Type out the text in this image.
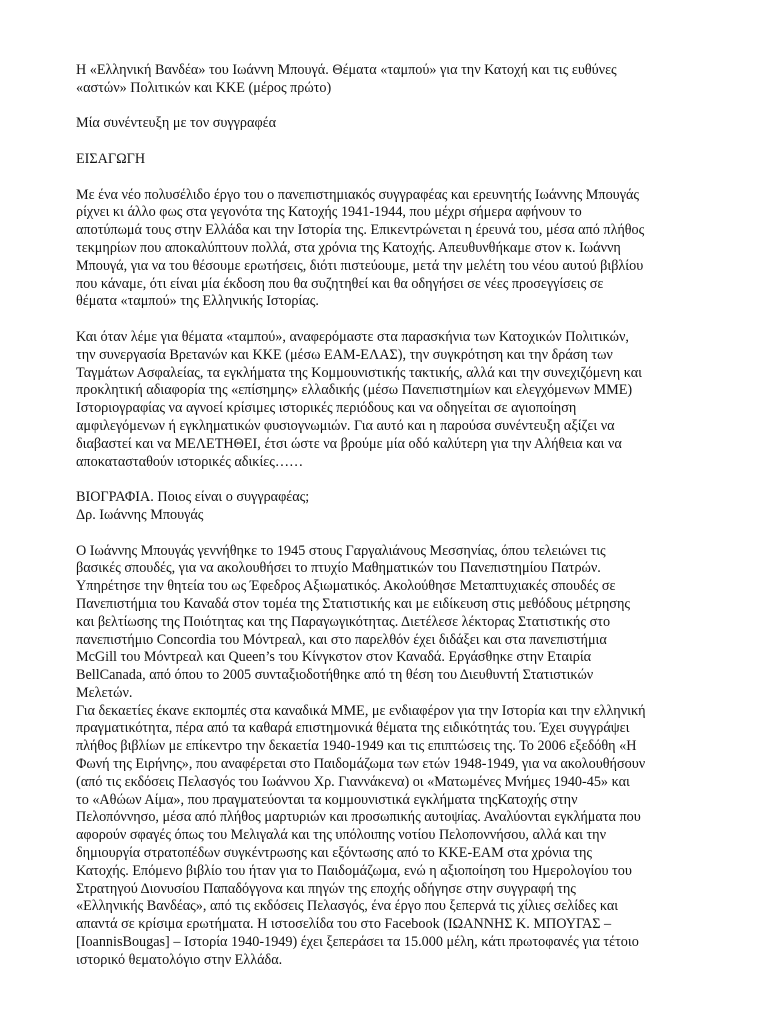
Η «Ελληνική Βανδέα» του Ιωάννη Μπουγά. Θέματα «ταμπού» για την Κατοχή και τις ευθύνες
«αστών» Πολιτικών και ΚΚΕ (μέρος πρώτο)

Μία συνέντευξη με τον συγγραφέα

ΕΙΣΑΓΩΓΗ

Με ένα νέο πολυσέλιδο έργο του ο πανεπιστημιακός συγγραφέας και ερευνητής Ιωάννης Μπουγάς
ρίχνει κι άλλο φως στα γεγονότα της Κατοχής 1941-1944, που μέχρι σήμερα αφήνουν το
αποτύπωμά τους στην Ελλάδα και την Ιστορία της. Επικεντρώνεται η έρευνά του, μέσα από πλήθος
τεκμηρίων που αποκαλύπτουν πολλά, στα χρόνια της Κατοχής. Απευθυνθήκαμε στον κ. Ιωάννη
Μπουγά, για να του θέσουμε ερωτήσεις, διότι πιστεύουμε, μετά την μελέτη του νέου αυτού βιβλίου
που κάναμε, ότι είναι μία έκδοση που θα συζητηθεί και θα οδηγήσει σε νέες προσεγγίσεις σε
θέματα «ταμπού» της Ελληνικής Ιστορίας.

Και όταν λέμε για θέματα «ταμπού», αναφερόμαστε στα παρασκήνια των Κατοχικών Πολιτικών,
την συνεργασία Βρετανών και ΚΚΕ (μέσω ΕΑΜ-ΕΛΑΣ), την συγκρότηση και την δράση των
Ταγμάτων Ασφαλείας, τα εγκλήματα της Κομμουνιστικής τακτικής, αλλά και την συνεχιζόμενη και
προκλητική αδιαφορία της «επίσημης» ελλαδικής (μέσω Πανεπιστημίων και ελεγχόμενων ΜΜΕ)
Ιστοριογραφίας να αγνοεί κρίσιμες ιστορικές περιόδους και να οδηγείται σε αγιοποίηση
αμφιλεγόμενων ή εγκληματικών φυσιογνωμιών. Για αυτό και η παρούσα συνέντευξη αξίζει να
διαβαστεί και να ΜΕΛΕΤΗΘΕΙ, έτσι ώστε να βρούμε μία οδό καλύτερη για την Αλήθεια και να
αποκατασταθούν ιστορικές αδικίες……

ΒΙΟΓΡΑΦΙΑ. Ποιος είναι ο συγγραφέας;
Δρ. Ιωάννης Μπουγάς

Ο Ιωάννης Μπουγάς γεννήθηκε το 1945 στους Γαργαλιάνους Μεσσηνίας, όπου τελειώνει τις
βασικές σπουδές, για να ακολουθήσει το πτυχίο Μαθηματικών του Πανεπιστημίου Πατρών.
Υπηρέτησε την θητεία του ως Έφεδρος Αξιωματικός. Ακολούθησε Μεταπτυχιακές σπουδές σε
Πανεπιστήμια του Καναδά στον τομέα της Στατιστικής και με ειδίκευση στις μεθόδους μέτρησης
και βελτίωσης της Ποιότητας και της Παραγωγικότητας. Διετέλεσε λέκτορας Στατιστικής στο
πανεπιστήμιο Concordia του Μόντρεαλ, και στο παρελθόν έχει διδάξει και στα πανεπιστήμια
McGill του Μόντρεαλ και Queen’s του Κίνγκστον στον Καναδά. Εργάσθηκε στην Εταιρία
BellCanada, από όπου το 2005 συνταξιοδοτήθηκε από τη θέση του Διευθυντή Στατιστικών
Μελετών.

Για δεκαετίες έκανε εκπομπές στα καναδικά ΜΜΕ, με ενδιαφέρον για την Ιστορία και την ελληνική
πραγματικότητα, πέρα από τα καθαρά επιστημονικά θέματα της ειδικότητάς του. Έχει συγγράψει
πλήθος βιβλίων με επίκεντρο την δεκαετία 1940-1949 και τις επιπτώσεις της. Το 2006 εξεδόθη «Η
Φωνή της Ειρήνης», που αναφέρεται στο Παιδομάζωμα των ετών 1948-1949, για να ακολουθήσουν
(από τις εκδόσεις Πελασγός του Ιωάννου Χρ. Γιαννάκενα) οι «Ματωμένες Μνήμες 1940-45» και
το «Αθώων Αίμα», που πραγματεύονται τα κομμουνιστικά εγκλήματα τηςΚατοχής στην
Πελοπόννησο, μέσα από πλήθος μαρτυριών και προσωπικής αυτοψίας. Αναλύονται εγκλήματα που
αφορούν σφαγές όπως του Μελιγαλά και της υπόλοιπης νοτίου Πελοποννήσου, αλλά και την
δημιουργία στρατοπέδων συγκέντρωσης και εξόντωσης από το ΚΚΕ-ΕΑΜ στα χρόνια της
Κατοχής. Επόμενο βιβλίο του ήταν για το Παιδομάζωμα, ενώ η αξιοποίηση του Ημερολογίου του
Στρατηγού Διονυσίου Παπαδόγγονα και πηγών της εποχής οδήγησε στην συγγραφή της
«Ελληνικής Βανδέας», από τις εκδόσεις Πελασγός, ένα έργο που ξεπερνά τις χίλιες σελίδες και
απαντά σε κρίσιμα ερωτήματα. Η ιστοσελίδα του στο Facebook (ΙΩΑΝΝΗΣ Κ. ΜΠΟΥΓΑΣ –
[IoannisBougas] – Ιστορία 1940-1949) έχει ξεπεράσει τα 15.000 μέλη, κάτι πρωτοφανές για τέτοιο
ιστορικό θεματολόγιο στην Ελλάδα.
